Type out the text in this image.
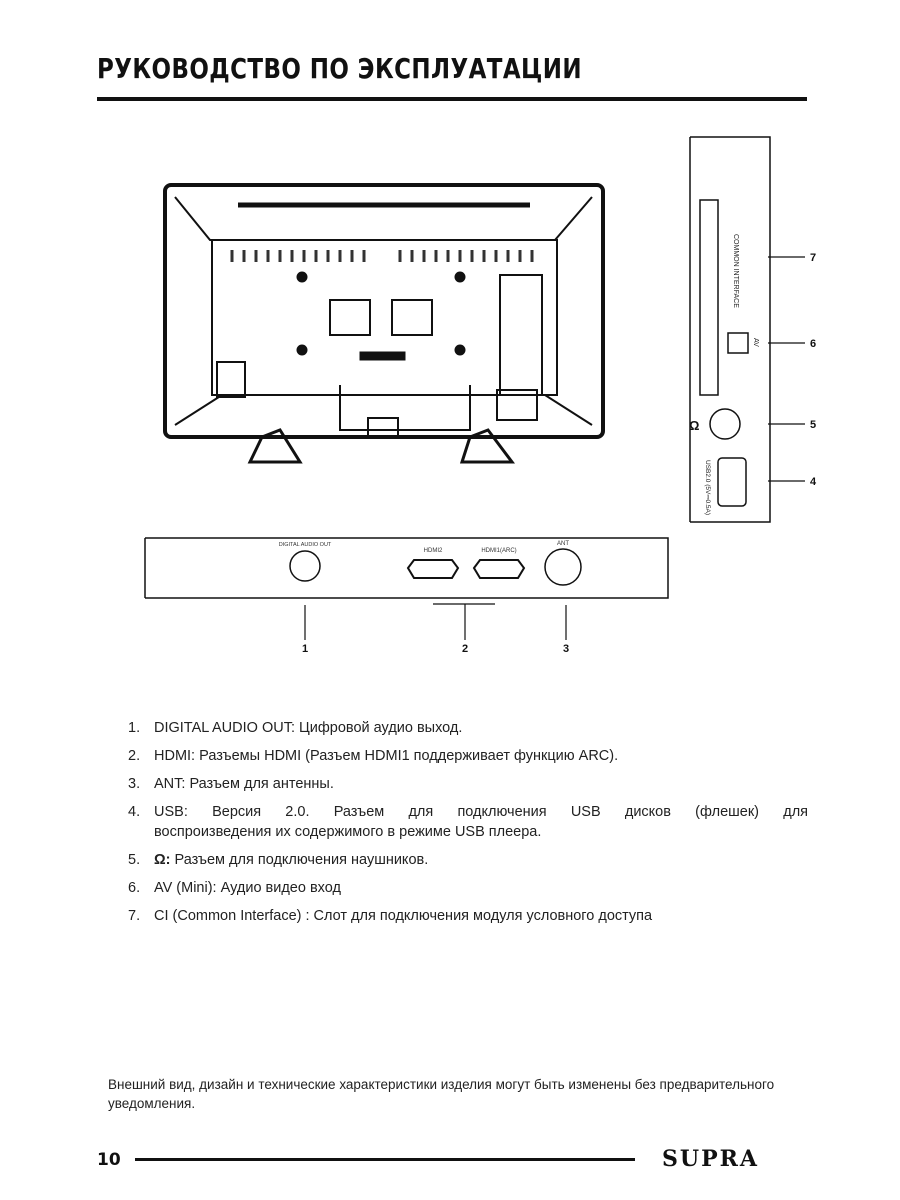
РУКОВОДСТВО ПО ЭКСПЛУАТАЦИИ
COMMON INTERFACE
AV
USB2.0 (5V⎓0.5A)
Ω
7
6
5
4
DIGITAL AUDIO OUT
HDMI2	HDMI1(ARC)
ANT
1	2	3
1. DIGITAL AUDIO OUT: Цифровой аудио выход.
2. HDMI: Разъемы HDMI (Разъем HDMI1 поддерживает функцию ARC).
3. ANT: Разъем для антенны.
4. USB: Версия 2.0. Разъем для подключения USB дисков (флешек) для
воспроизведения их содержимого в режиме USB плеера.
5. Ω: Разъем для подключения наушников.
6. AV (Mini): Аудио видео вход
7. CI (Common Interface) : Слот для подключения модуля условного доступа
Внешний вид, дизайн и технические характеристики изделия могут быть изменены без предварительного уведомления.
10	SUPRA
